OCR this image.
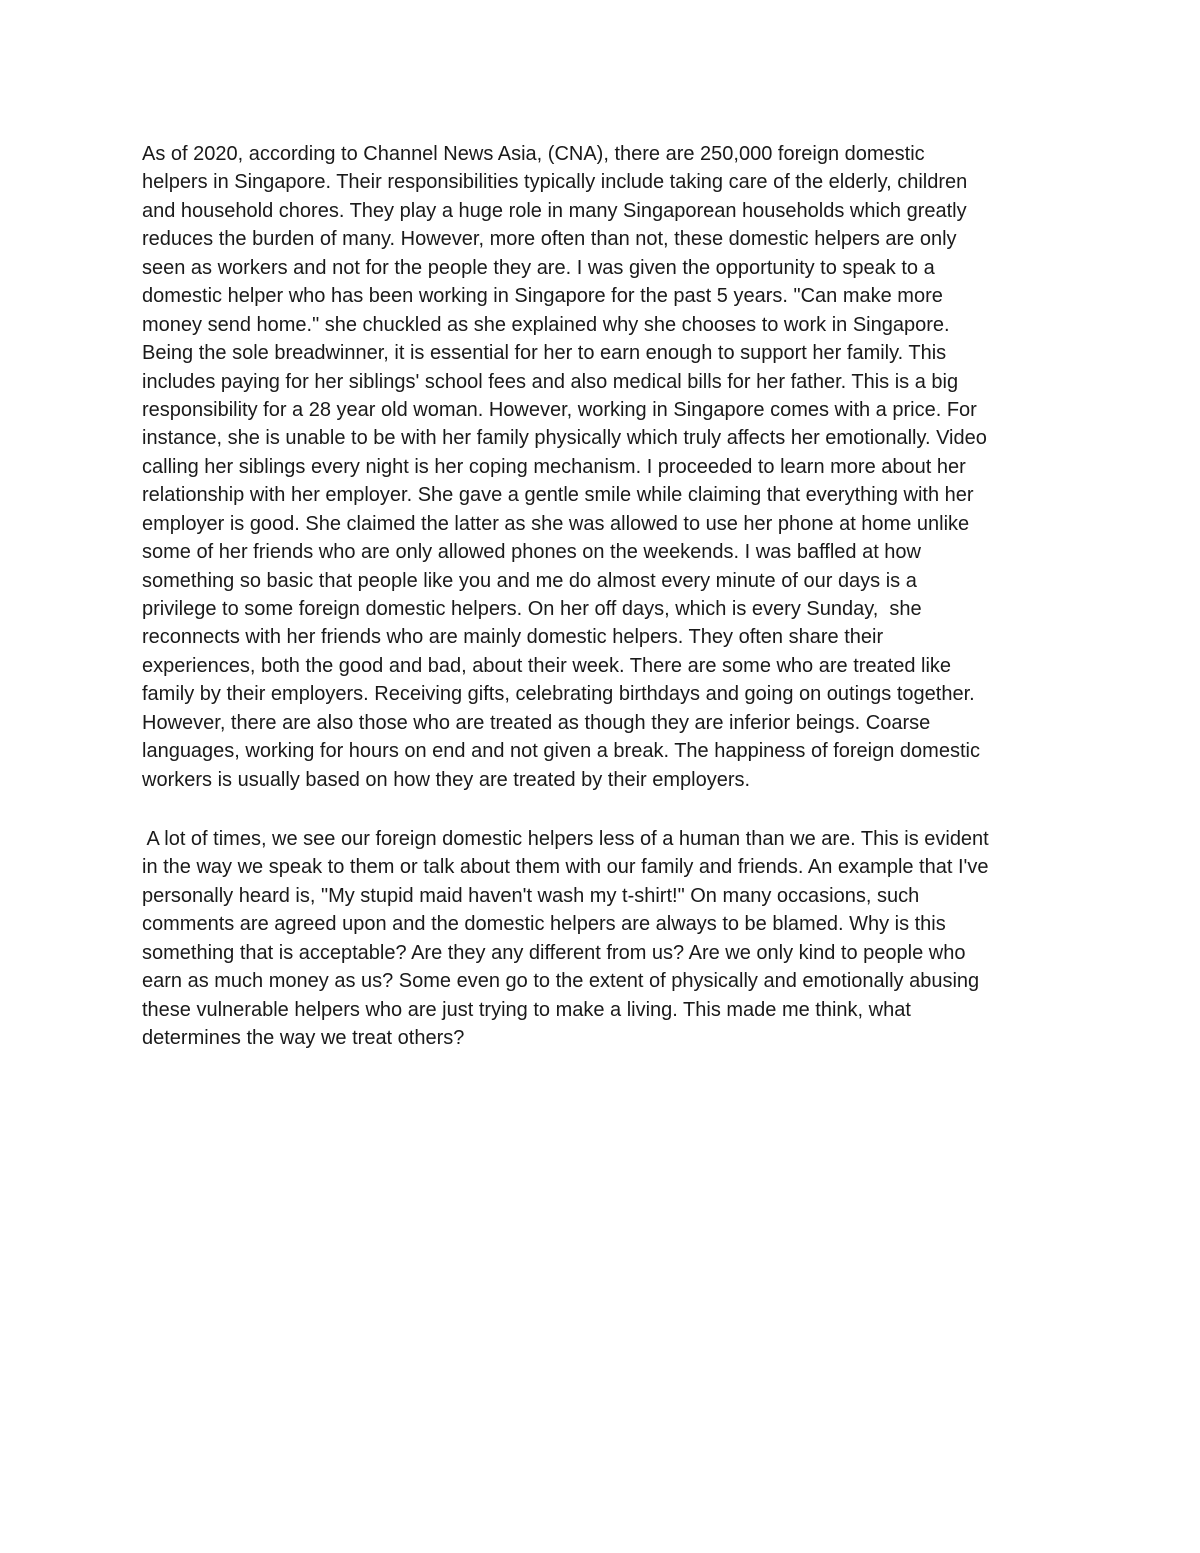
As of 2020, according to Channel News Asia, (CNA), there are 250,000 foreign domestic
helpers in Singapore. Their responsibilities typically include taking care of the elderly, children
and household chores. They play a huge role in many Singaporean households which greatly
reduces the burden of many. However, more often than not, these domestic helpers are only
seen as workers and not for the people they are. I was given the opportunity to speak to a
domestic helper who has been working in Singapore for the past 5 years. "Can make more
money send home." she chuckled as she explained why she chooses to work in Singapore.
Being the sole breadwinner, it is essential for her to earn enough to support her family. This
includes paying for her siblings' school fees and also medical bills for her father. This is a big
responsibility for a 28 year old woman. However, working in Singapore comes with a price. For
instance, she is unable to be with her family physically which truly affects her emotionally. Video
calling her siblings every night is her coping mechanism. I proceeded to learn more about her
relationship with her employer. She gave a gentle smile while claiming that everything with her
employer is good. She claimed the latter as she was allowed to use her phone at home unlike
some of her friends who are only allowed phones on the weekends. I was baffled at how
something so basic that people like you and me do almost every minute of our days is a
privilege to some foreign domestic helpers. On her off days, which is every Sunday,  she
reconnects with her friends who are mainly domestic helpers. They often share their
experiences, both the good and bad, about their week. There are some who are treated like
family by their employers. Receiving gifts, celebrating birthdays and going on outings together.
However, there are also those who are treated as though they are inferior beings. Coarse
languages, working for hours on end and not given a break. The happiness of foreign domestic
workers is usually based on how they are treated by their employers.
A lot of times, we see our foreign domestic helpers less of a human than we are. This is evident
in the way we speak to them or talk about them with our family and friends. An example that I've
personally heard is, "My stupid maid haven't wash my t-shirt!" On many occasions, such
comments are agreed upon and the domestic helpers are always to be blamed. Why is this
something that is acceptable? Are they any different from us? Are we only kind to people who
earn as much money as us? Some even go to the extent of physically and emotionally abusing
these vulnerable helpers who are just trying to make a living. This made me think, what
determines the way we treat others?
